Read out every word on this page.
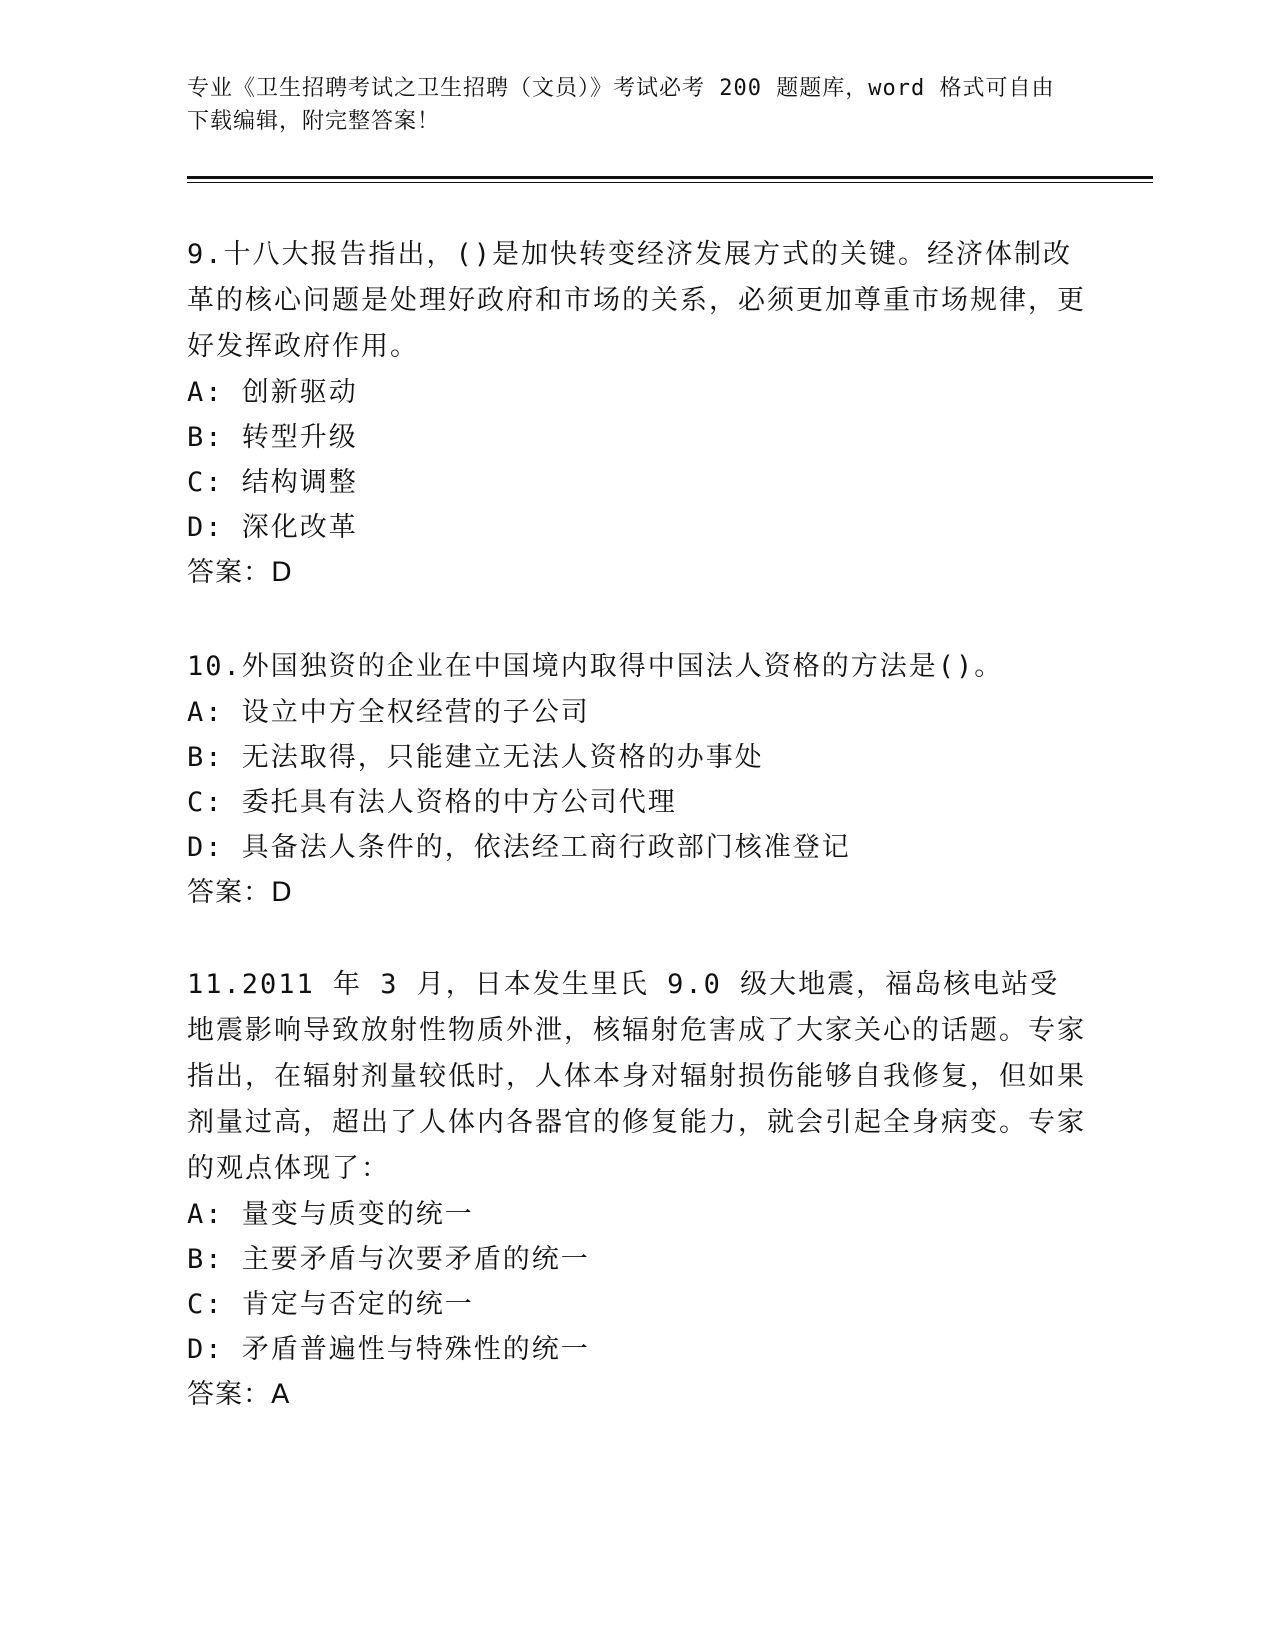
专业《卫生招聘考试之卫生招聘（文员）》考试必考 200 题题库，word 格式可自由下载编辑，附完整答案！

9.十八大报告指出，()是加快转变经济发展方式的关键。经济体制改革的核心问题是处理好政府和市场的关系，必须更加尊重市场规律，更好发挥政府作用。

A: 创新驱动

B: 转型升级

C: 结构调整

D: 深化改革

答案：D

10.外国独资的企业在中国境内取得中国法人资格的方法是()。

A: 设立中方全权经营的子公司

B: 无法取得，只能建立无法人资格的办事处

C: 委托具有法人资格的中方公司代理

D: 具备法人条件的，依法经工商行政部门核准登记

答案：D

11.2011 年 3 月，日本发生里氏 9.0 级大地震，福岛核电站受地震影响导致放射性物质外泄，核辐射危害成了大家关心的话题。专家指出，在辐射剂量较低时，人体本身对辐射损伤能够自我修复，但如果剂量过高，超出了人体内各器官的修复能力，就会引起全身病变。专家的观点体现了：

A: 量变与质变的统一

B: 主要矛盾与次要矛盾的统一

C: 肯定与否定的统一

D: 矛盾普遍性与特殊性的统一

答案：A
